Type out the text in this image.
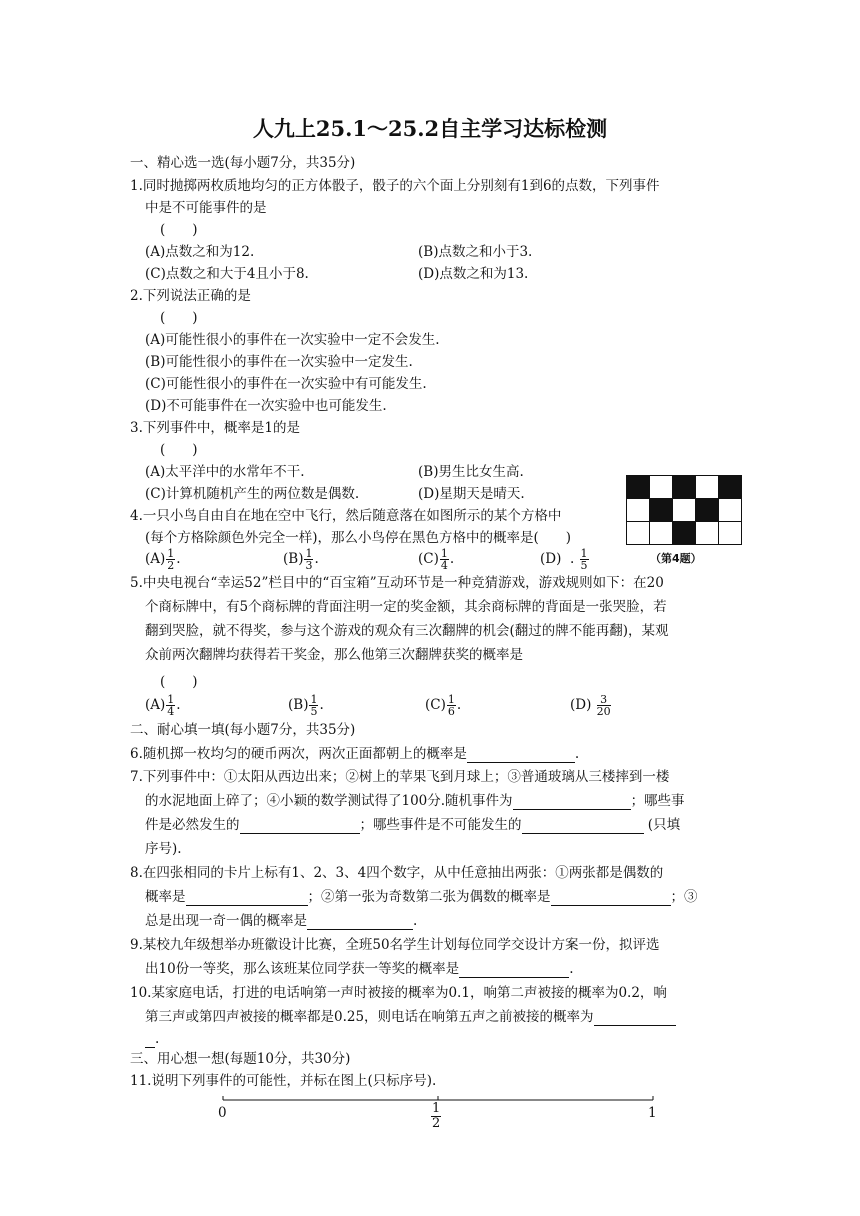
人九上25.1～25.2自主学习达标检测
一、精心选一选(每小题7分，共35分)
1.同时抛掷两枚质地均匀的正方体骰子，骰子的六个面上分别刻有1到6的点数，下列事件
中是不可能事件的是
(　　)
(A)点数之和为12.	(B)点数之和小于3.
(C)点数之和大于4且小于8.	(D)点数之和为13.
2.下列说法正确的是
(　　)
(A)可能性很小的事件在一次实验中一定不会发生.
(B)可能性很小的事件在一次实验中一定发生.
(C)可能性很小的事件在一次实验中有可能发生.
(D)不可能事件在一次实验中也可能发生.
3.下列事件中，概率是1的是
(　　)
(A)太平洋中的水常年不干.	(B)男生比女生高.
(C)计算机随机产生的两位数是偶数.	(D)星期天是晴天.
4.一只小鸟自由自在地在空中飞行，然后随意落在如图所示的某个方格中
(每个方格除颜色外完全一样)，那么小鸟停在黑色方格中的概率是(　　)
$(A) \frac{1}{2}$ .	$(B) \frac{1}{3}$ .	$(C) \frac{1}{4}$ .	(D)  . $\frac{1}{5}$

					（第4题）
5.中央电视台“幸运52”栏目中的“百宝箱”互动环节是一种竞猜游戏，游戏规则如下：在20
个商标牌中，有5个商标牌的背面注明一定的奖金额，其余商标牌的背面是一张哭脸，若
翻到哭脸，就不得奖，参与这个游戏的观众有三次翻牌的机会(翻过的牌不能再翻)，某观
众前两次翻牌均获得若干奖金，那么他第三次翻牌获奖的概率是
(　　)
$(A) \frac{1}{4}$ .	$(B) \frac{1}{5}$ .	$(C) \frac{1}{6}$ .	$(D) \frac{3}{20}$
二、耐心填一填(每小题7分，共35分)
6.随机掷一枚均匀的硬币两次，两次正面都朝上的概率是	.
7.下列事件中：①太阳从西边出来；②树上的苹果飞到月球上；③普通玻璃从三楼摔到一楼
的水泥地面上碎了；④小颖的数学测试得了100分.随机事件为	；哪些事
件是必然发生的	；哪些事件是不可能发生的	(只填
序号).
8.在四张相同的卡片上标有1、2、3、4四个数字，从中任意抽出两张：①两张都是偶数的
概率是	；②第一张为奇数第二张为偶数的概率是	；③
总是出现一奇一偶的概率是	.
9.某校九年级想举办班徽设计比赛，全班50名学生计划每位同学交设计方案一份，拟评选
出10份一等奖，那么该班某位同学获一等奖的概率是	.
10.某家庭电话，打进的电话响第一声时被接的概率为0.1，响第二声被接的概率为0.2，响
第三声或第四声被接的概率都是0.25，则电话在响第五声之前被接的概率为
.
三、用心想一想(每题10分，共30分)
11.说明下列事件的可能性，并标在图上(只标序号).
0	$\frac{1}{2}$	1
